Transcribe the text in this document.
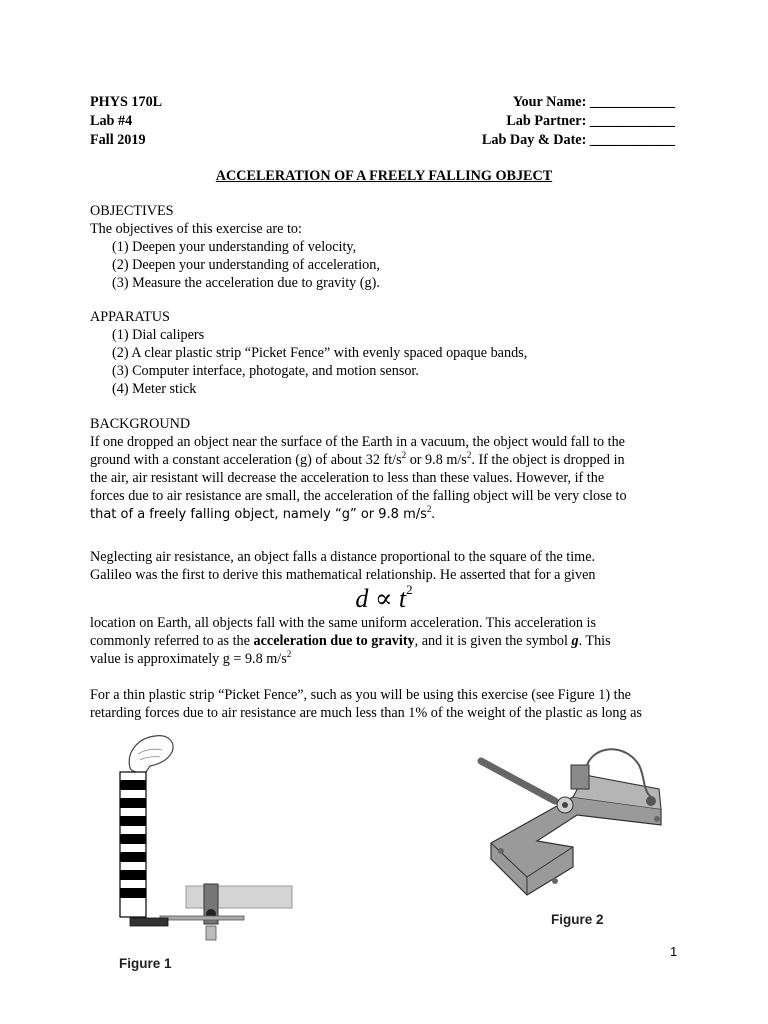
PHYS 170L
Lab #4
Fall 2019
Your Name: ____________
Lab Partner: ____________
Lab Day & Date: ____________
ACCELERATION OF A FREELY FALLING OBJECT
OBJECTIVES
The objectives of this exercise are to:
(1) Deepen your understanding of velocity,
(2) Deepen your understanding of acceleration,
(3) Measure the acceleration due to gravity (g).
APPARATUS
(1) Dial calipers
(2) A clear plastic strip “Picket Fence” with evenly spaced opaque bands,
(3) Computer interface, photogate, and motion sensor.
(4) Meter stick
BACKGROUND
If one dropped an object near the surface of the Earth in a vacuum, the object would fall to the
ground with a constant acceleration (g) of about 32 $ft/s^2$ or 9.8 $m/s^2$. If the object is dropped in
the air, air resistant will decrease the acceleration to less than these values. However, if the
forces due to air resistance are small, the acceleration of the falling object will be very close to
that of a freely falling object, namely “g” or 9.8 $m/s^2$.
Neglecting air resistance, an object falls a distance proportional to the square of the time.
Galileo was the first to derive this mathematical relationship. He asserted that for a given
$d \propto t^2$
location on Earth, all objects fall with the same uniform acceleration. This acceleration is
commonly referred to as the acceleration due to gravity, and it is given the symbol g. This
value is approximately g = 9.8 $m/s^2$
For a thin plastic strip “Picket Fence”, such as you will be using this exercise (see Figure 1) the
retarding forces due to air resistance are much less than 1% of the weight of the plastic as long as
Figure 1
Figure 2
1
